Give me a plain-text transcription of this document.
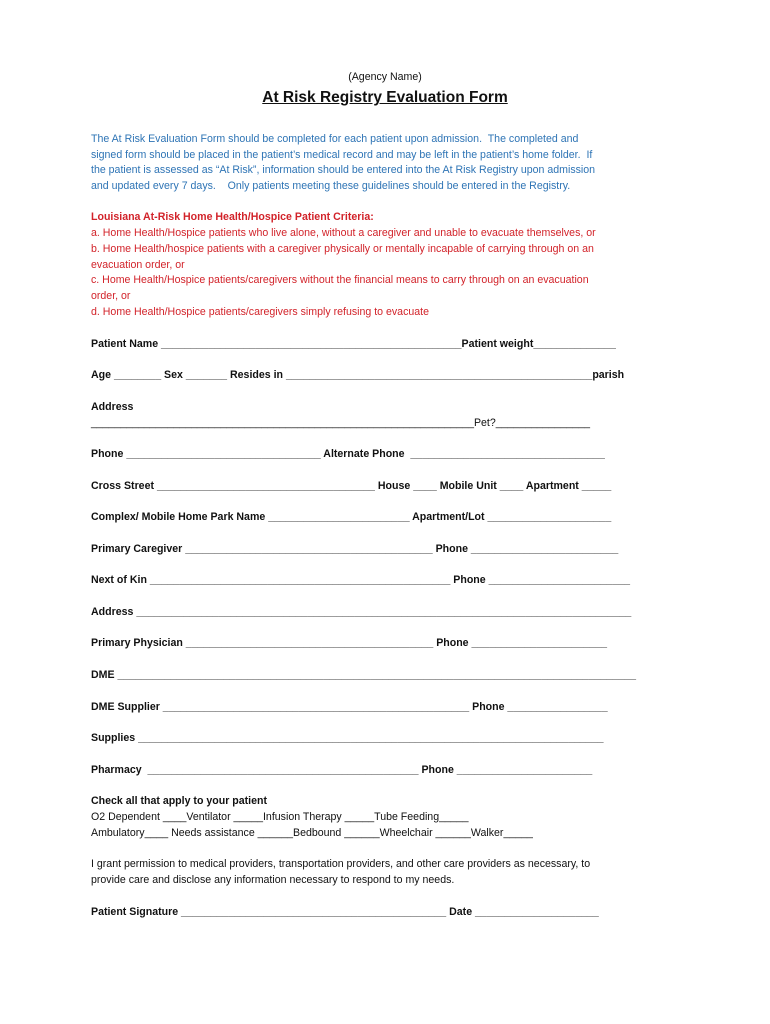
(Agency Name)
At Risk Registry Evaluation Form
The At Risk Evaluation Form should be completed for each patient upon admission.  The completed and
signed form should be placed in the patient’s medical record and may be left in the patient’s home folder.  If
the patient is assessed as “At Risk”, information should be entered into the At Risk Registry upon admission
and updated every 7 days.    Only patients meeting these guidelines should be entered in the Registry.
Louisiana At-Risk Home Health/Hospice Patient Criteria:
a. Home Health/Hospice patients who live alone, without a caregiver and unable to evacuate themselves, or
b. Home Health/hospice patients with a caregiver physically or mentally incapable of carrying through on an
evacuation order, or
c. Home Health/Hospice patients/caregivers without the financial means to carry through on an evacuation
order, or
d. Home Health/Hospice patients/caregivers simply refusing to evacuate
Patient Name ___________________________________________________Patient weight______________
Age ________ Sex _______ Resides in ____________________________________________________parish
Address
_________________________________________________________________Pet?________________
Phone _________________________________ Alternate Phone  _________________________________
Cross Street _____________________________________ House ____ Mobile Unit ____ Apartment _____
Complex/ Mobile Home Park Name ________________________ Apartment/Lot _____________________
Primary Caregiver __________________________________________ Phone _________________________
Next of Kin ___________________________________________________ Phone ________________________
Address ____________________________________________________________________________________
Primary Physician __________________________________________ Phone _______________________
DME ________________________________________________________________________________________
DME Supplier ____________________________________________________ Phone _________________
Supplies _______________________________________________________________________________
Pharmacy  ______________________________________________ Phone _______________________
Check all that apply to your patient
O2 Dependent ____Ventilator _____Infusion Therapy _____Tube Feeding_____
Ambulatory____ Needs assistance ______Bedbound ______Wheelchair ______Walker_____
I grant permission to medical providers, transportation providers, and other care providers as necessary, to
provide care and disclose any information necessary to respond to my needs.
Patient Signature _____________________________________________ Date _____________________
